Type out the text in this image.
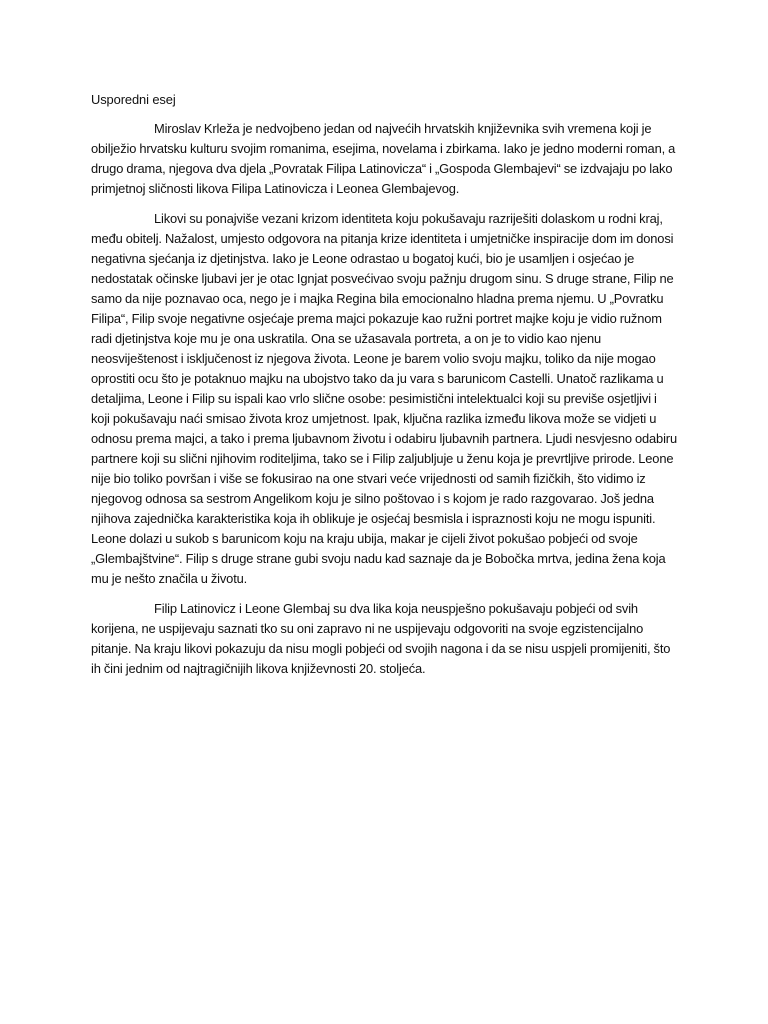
Usporedni esej

Miroslav Krleža je nedvojbeno jedan od najvećih hrvatskih književnika svih vremena koji je obilježio hrvatsku kulturu svojim romanima, esejima, novelama i zbirkama. Iako je jedno moderni roman, a drugo drama, njegova dva djela „Povratak Filipa Latinovicza“ i „Gospoda Glembajevi“ se izdvajaju po lako primjetnoj sličnosti likova Filipa Latinovicza i Leonea Glembajevog.

Likovi su ponajviše vezani krizom identiteta koju pokušavaju razriješiti dolaskom u rodni kraj, među obitelj. Nažalost, umjesto odgovora na pitanja krize identiteta i umjetničke inspiracije dom im donosi negativna sjećanja iz djetinjstva. Iako je Leone odrastao u bogatoj kući, bio je usamljen i osjećao je nedostatak očinske ljubavi jer je otac Ignjat posvećivao svoju pažnju drugom sinu. S druge strane, Filip ne samo da nije poznavao oca, nego je i majka Regina bila emocionalno hladna prema njemu. U „Povratku Filipa“, Filip svoje negativne osjećaje prema majci pokazuje kao ružni portret majke koju je vidio ružnom radi djetinjstva koje mu je ona uskratila. Ona se užasavala portreta, a on je to vidio kao njenu neosviještenost i isključenost iz njegova života. Leone je barem volio svoju majku, toliko da nije mogao oprostiti ocu što je potaknuo majku na ubojstvo tako da ju vara s barunicom Castelli. Unatoč razlikama u detaljima, Leone i Filip su ispali kao vrlo slične osobe: pesimistični intelektualci koji su previše osjetljivi i koji pokušavaju naći smisao života kroz umjetnost. Ipak, ključna razlika između likova može se vidjeti u odnosu prema majci, a tako i prema ljubavnom životu i odabiru ljubavnih partnera. Ljudi nesvjesno odabiru partnere koji su slični njihovim roditeljima, tako se i Filip zaljubljuje u ženu koja je prevrtljive prirode. Leone nije bio toliko površan i više se fokusirao na one stvari veće vrijednosti od samih fizičkih, što vidimo iz njegovog odnosa sa sestrom Angelikom koju je silno poštovao i s kojom je rado razgovarao. Još jedna njihova zajednička karakteristika koja ih oblikuje je osjećaj besmisla i ispraznosti koju ne mogu ispuniti. Leone dolazi u sukob s barunicom koju na kraju ubija, makar je cijeli život pokušao pobjeći od svoje „Glembajštvine“. Filip s druge strane gubi svoju nadu kad saznaje da je Bobočka mrtva, jedina žena koja mu je nešto značila u životu.

Filip Latinovicz i Leone Glembaj su dva lika koja neuspješno pokušavaju pobjeći od svih korijena, ne uspijevaju saznati tko su oni zapravo ni ne uspijevaju odgovoriti na svoje egzistencijalno pitanje. Na kraju likovi pokazuju da nisu mogli pobjeći od svojih nagona i da se nisu uspjeli promijeniti, što ih čini jednim od najtragičnijih likova književnosti 20. stoljeća.
